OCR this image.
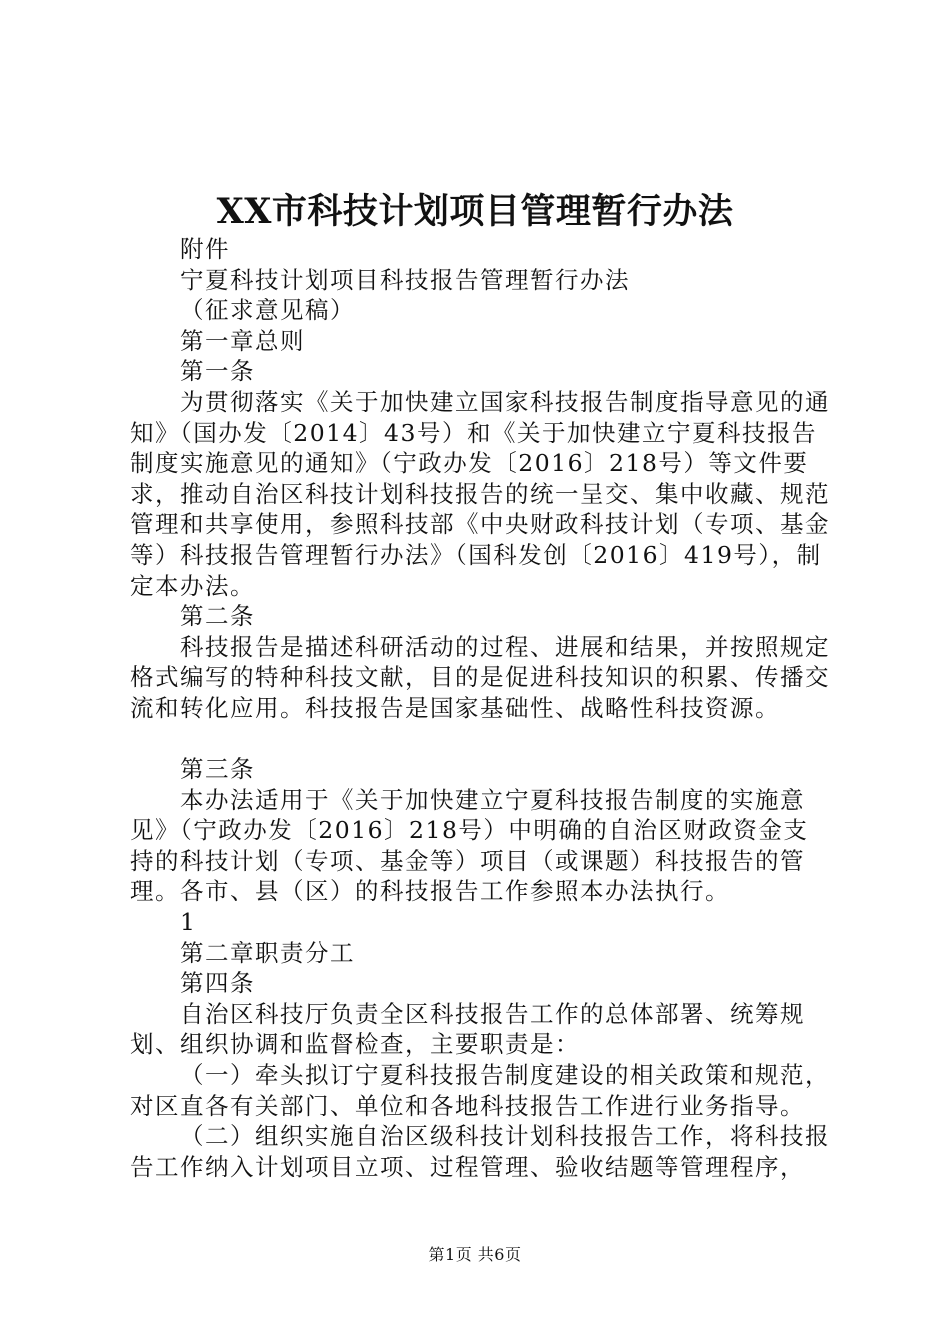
XX市科技计划项目管理暂行办法

附件

宁夏科技计划项目科技报告管理暂行办法

（征求意见稿）

第一章总则

第一条

为贯彻落实《关于加快建立国家科技报告制度指导意见的通知》（国办发〔2014〕43号）和《关于加快建立宁夏科技报告制度实施意见的通知》（宁政办发〔2016〕218号）等文件要求，推动自治区科技计划科技报告的统一呈交、集中收藏、规范管理和共享使用，参照科技部《中央财政科技计划（专项、基金等）科技报告管理暂行办法》（国科发创〔2016〕419号），制定本办法。

第二条

科技报告是描述科研活动的过程、进展和结果，并按照规定格式编写的特种科技文献，目的是促进科技知识的积累、传播交流和转化应用。科技报告是国家基础性、战略性科技资源。

第三条

本办法适用于《关于加快建立宁夏科技报告制度的实施意见》（宁政办发〔2016〕218号）中明确的自治区财政资金支持的科技计划（专项、基金等）项目（或课题）科技报告的管理。各市、县（区）的科技报告工作参照本办法执行。

1

第二章职责分工

第四条

自治区科技厅负责全区科技报告工作的总体部署、统筹规划、组织协调和监督检查，主要职责是：

（一）牵头拟订宁夏科技报告制度建设的相关政策和规范，对区直各有关部门、单位和各地科技报告工作进行业务指导。

（二）组织实施自治区级科技计划科技报告工作，将科技报告工作纳入计划项目立项、过程管理、验收结题等管理程序，

第1页 共6页
